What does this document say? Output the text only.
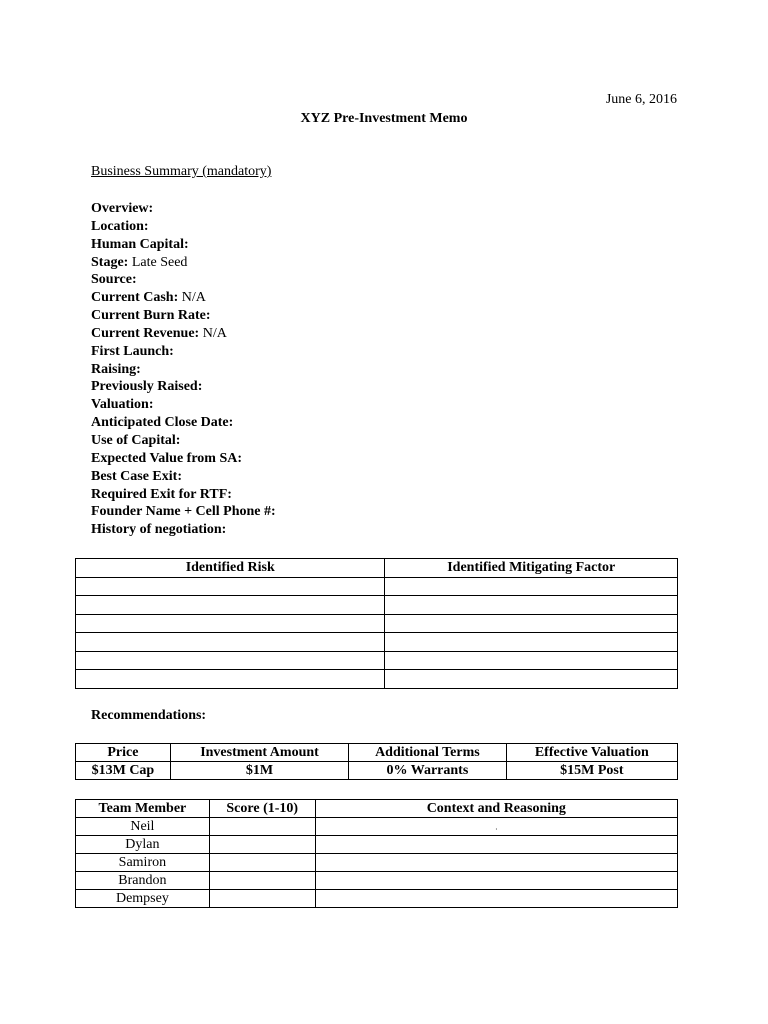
June 6, 2016
XYZ Pre-Investment Memo
Business Summary (mandatory)
Overview:
Location:
Human Capital:
Stage: Late Seed
Source:
Current Cash: N/A
Current Burn Rate:
Current Revenue: N/A
First Launch:
Raising:
Previously Raised:
Valuation:
Anticipated Close Date:
Use of Capital:
Expected Value from SA:
Best Case Exit:
Required Exit for RTF:
Founder Name + Cell Phone #:
History of negotiation:
Identified Risk	Identified Mitigating Factor

Recommendations:
Price	Investment Amount	Additional Terms	Effective Valuation
$13M Cap	$1M	0% Warrants	$15M Post
Team Member	Score (1-10)	Context and Reasoning
Neil		.
Dylan		
Samiron		
Brandon		
Dempsey		
